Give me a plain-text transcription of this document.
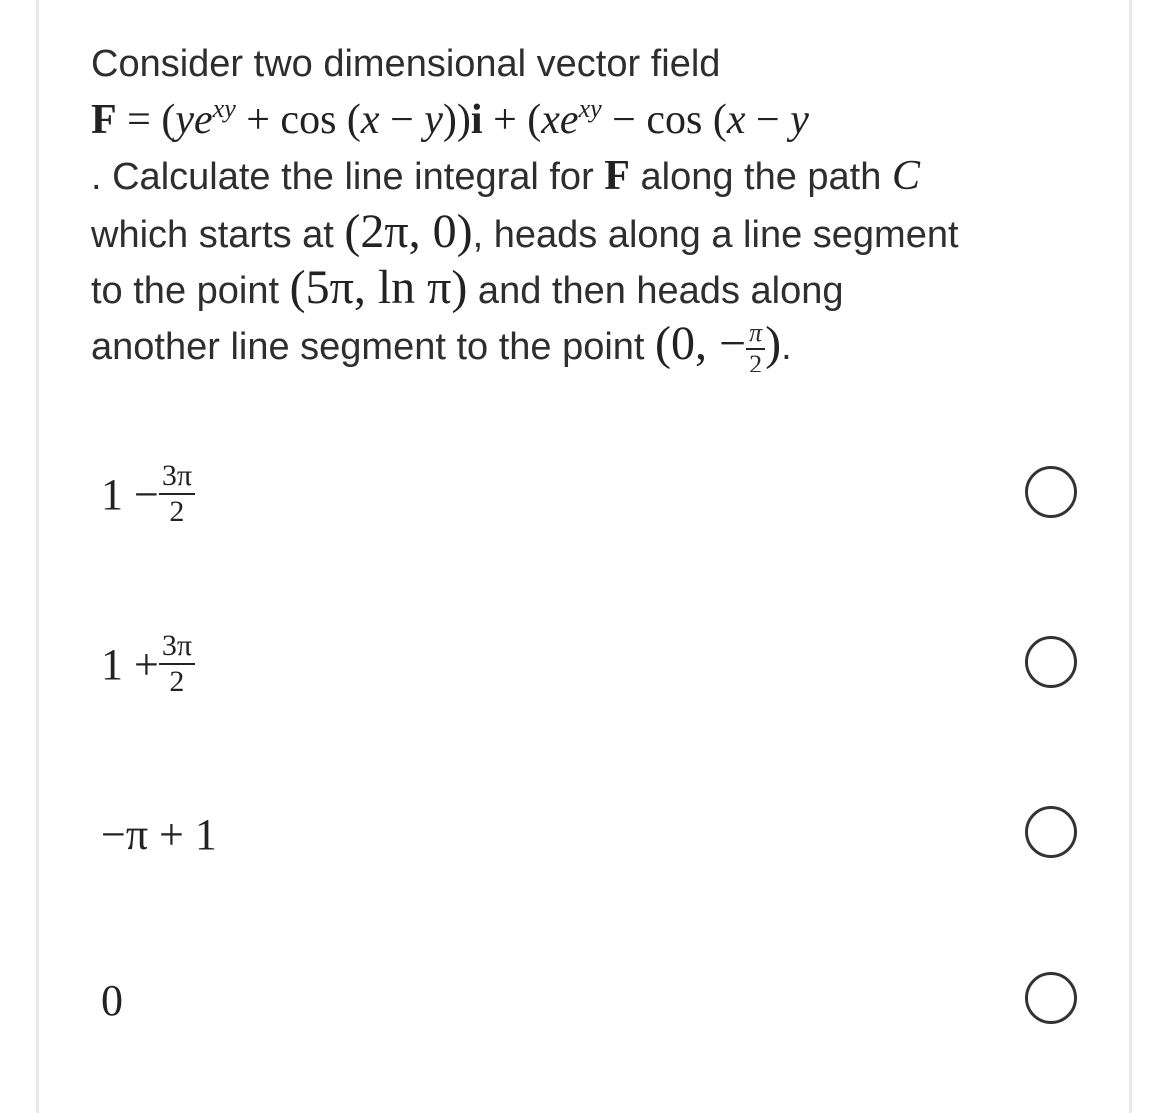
Consider two dimensional vector field
$F = (ye^{xy} + \cos (x - y))i + (xe^{xy} - \cos (x - y$
. Calculate the line integral for F along the path C
which starts at (2π, 0), heads along a line segment
to the point (5π, ln π) and then heads along
another line segment to the point (0, − $\frac{\pi}{2}$ ).
$1 - \frac{3\pi}{2}$
$1 + \frac{3\pi}{2}$
−π + 1
0
